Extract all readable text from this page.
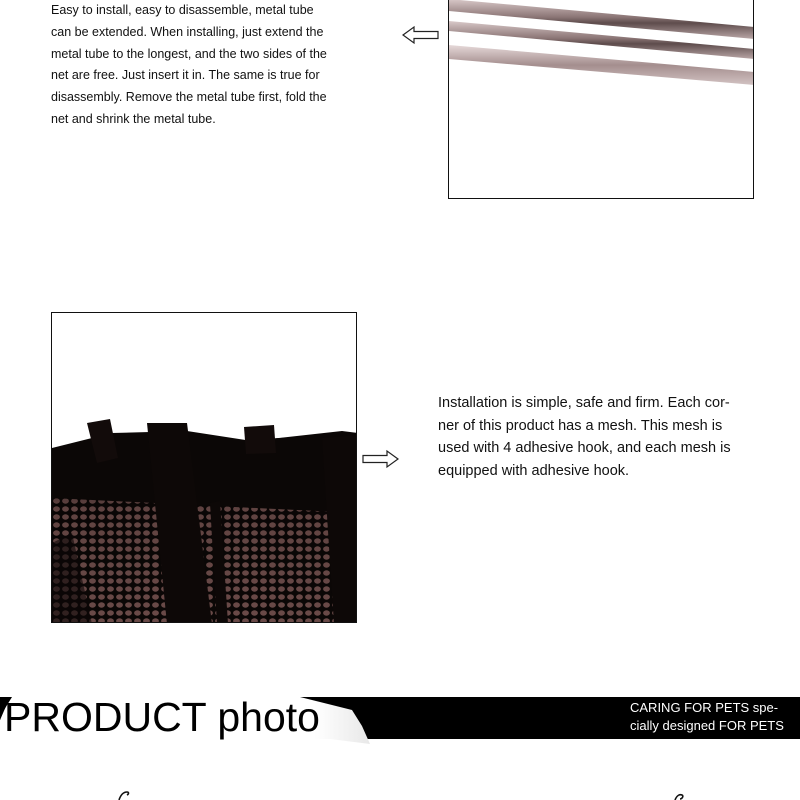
Easy to install, easy to disassemble, metal tube
can be extended. When installing, just extend the
metal tube to the longest, and the two sides of the
net are free. Just insert it in. The same is true for
disassembly. Remove the metal tube first, fold the
net and shrink the metal tube.
Installation is simple, safe and firm. Each cor-
ner of this product has a mesh. This mesh is
used with 4 adhesive hook, and each mesh is
equipped with adhesive hook.
PRODUCT photo	CARING FOR PETS spe-
cially designed FOR PETS
